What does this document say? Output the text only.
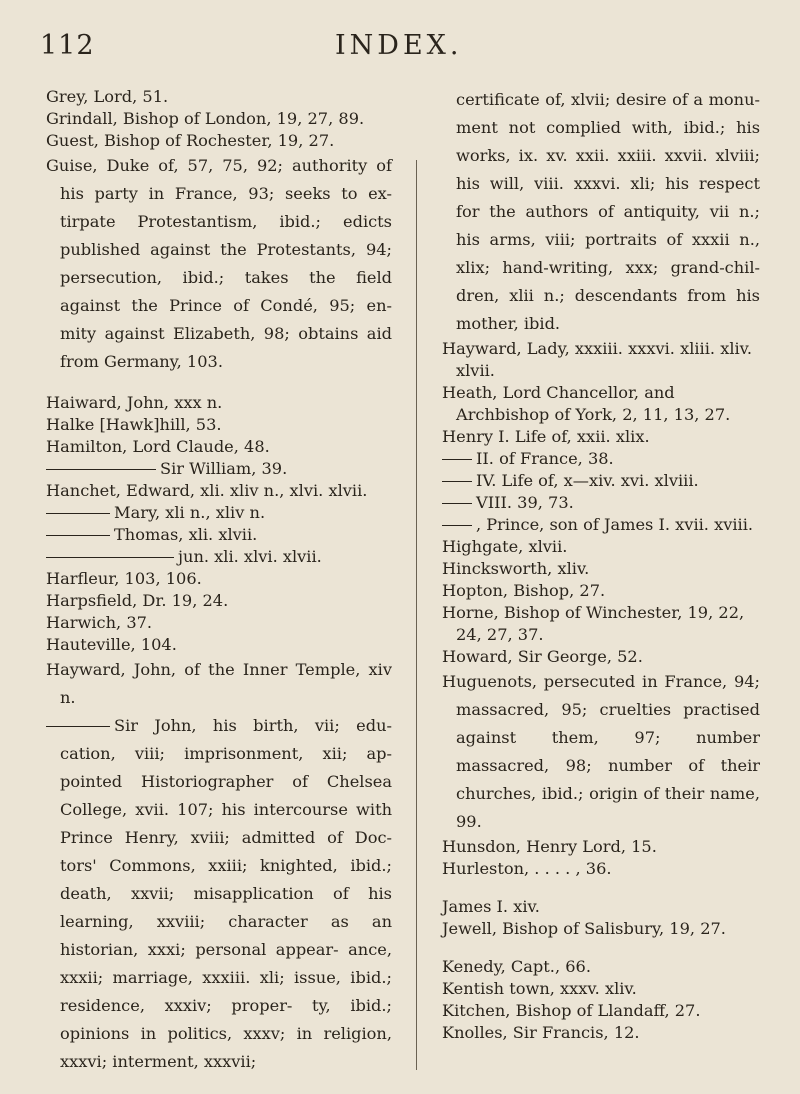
112	INDEX.

Grey, Lord, 51.

Grindall, Bishop of London, 19, 27, 89.

Guest, Bishop of Rochester, 19, 27.

Guise, Duke of, 57, 75, 92; authority of his party in France, 93; seeks to ex- tirpate Protestantism, ibid.; edicts published against the Protestants, 94; persecution, ibid.; takes the field against the Prince of Condé, 95; en- mity against Elizabeth, 98; obtains aid from Germany, 103.

Haiward, John, xxx n.

Halke [Hawk]hill, 53.

Hamilton, Lord Claude, 48.

Sir William, 39.

Hanchet, Edward, xli. xliv n., xlvi. xlvii.

Mary, xli n., xliv n.

Thomas, xli. xlvii.

jun. xli. xlvi. xlvii.

Harfleur, 103, 106.

Harpsfield, Dr. 19, 24.

Harwich, 37.

Hauteville, 104.

Hayward, John, of the Inner Temple, xiv n.

Sir John, his birth, vii; edu- cation, viii; imprisonment, xii; ap- pointed Historiographer of Chelsea College, xvii. 107; his intercourse with Prince Henry, xviii; admitted of Doc- tors' Commons, xxiii; knighted, ibid.; death, xxvii; misapplication of his learning, xxviii; character as an historian, xxxi; personal appear- ance, xxxii; marriage, xxxiii. xli; issue, ibid.; residence, xxxiv; proper- ty, ibid.; opinions in politics, xxxv; in religion, xxxvi; interment, xxxvii;

certificate of, xlvii; desire of a monu- ment not complied with, ibid.; his works, ix. xv. xxii. xxiii. xxvii. xlviii; his will, viii. xxxvi. xli; his respect for the authors of antiquity, vii n.; his arms, viii; portraits of xxxii n., xlix; hand-writing, xxx; grand-chil- dren, xlii n.; descendants from his mother, ibid.

Hayward, Lady, xxxiii. xxxvi. xliii. xliv. xlvii.

Heath, Lord Chancellor, and Archbishop of York, 2, 11, 13, 27.

Henry I. Life of, xxii. xlix.

II. of France, 38.

IV. Life of, x—xiv. xvi. xlviii.

VIII. 39, 73.

, Prince, son of James I. xvii. xviii.

Highgate, xlvii.

Hincksworth, xliv.

Hopton, Bishop, 27.

Horne, Bishop of Winchester, 19, 22, 24, 27, 37.

Howard, Sir George, 52.

Huguenots, persecuted in France, 94; massacred, 95; cruelties practised against them, 97; number massacred, 98; number of their churches, ibid.; origin of their name, 99.

Hunsdon, Henry Lord, 15.

Hurleston, . . . . , 36.

James I. xiv.

Jewell, Bishop of Salisbury, 19, 27.

Kenedy, Capt., 66.

Kentish town, xxxv. xliv.

Kitchen, Bishop of Llandaff, 27.

Knolles, Sir Francis, 12.
